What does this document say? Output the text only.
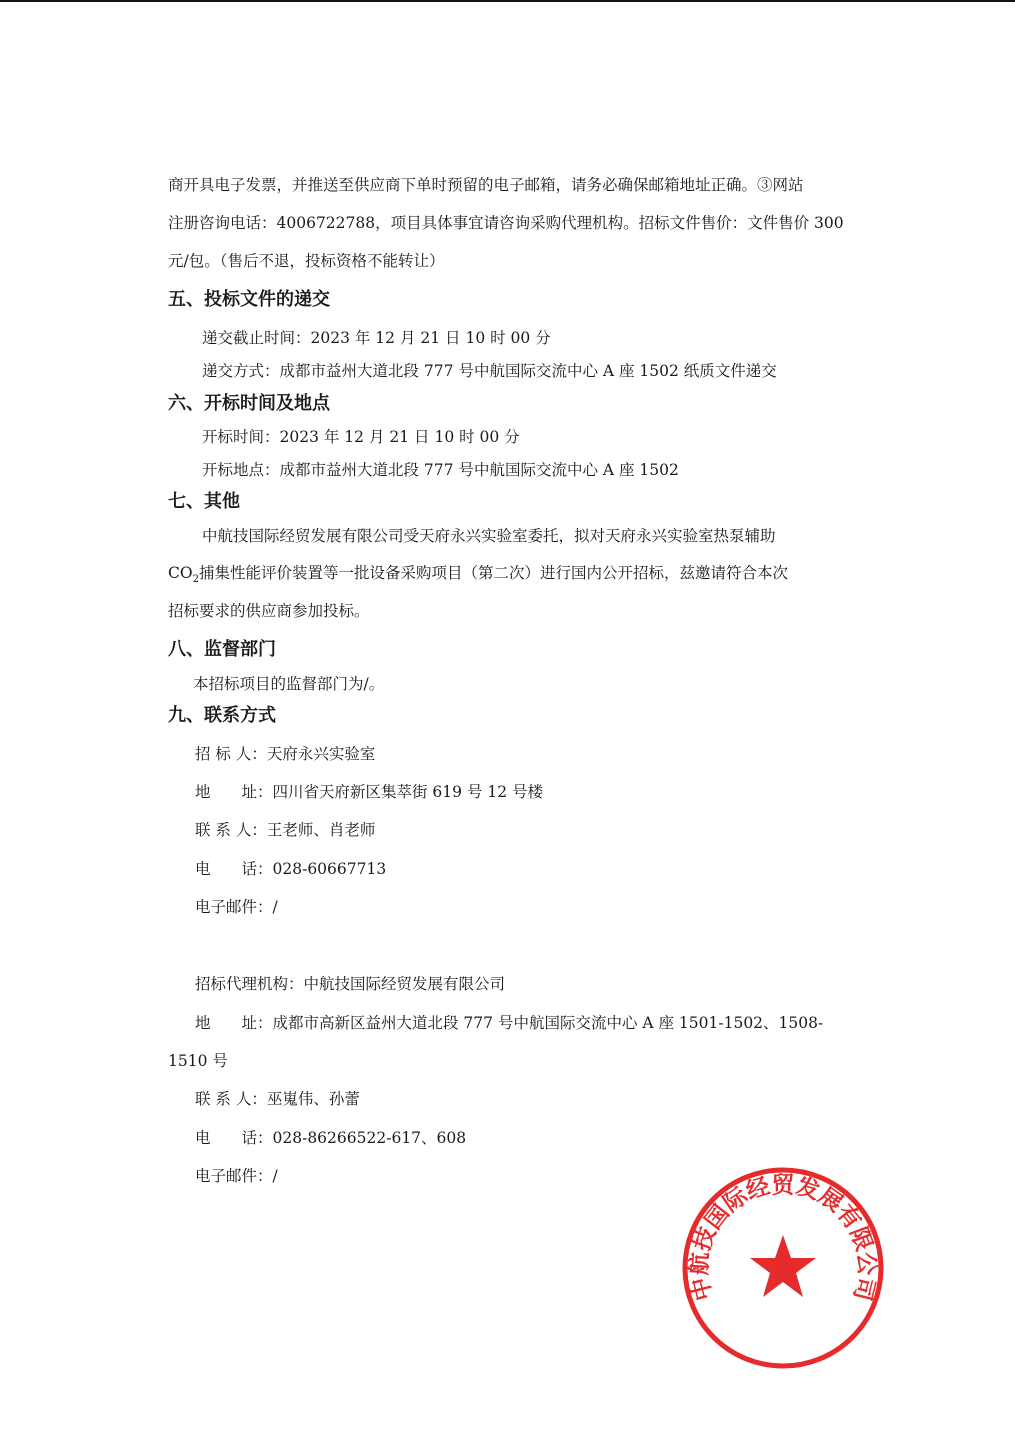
商开具电子发票，并推送至供应商下单时预留的电子邮箱，请务必确保邮箱地址正确。③网站
注册咨询电话：4006722788，项目具体事宜请咨询采购代理机构。招标文件售价：文件售价 300
元/包。（售后不退，投标资格不能转让）
五、投标文件的递交
递交截止时间：2023 年 12 月 21 日 10 时 00 分
递交方式：成都市益州大道北段 777 号中航国际交流中心 A 座 1502 纸质文件递交
六、开标时间及地点
开标时间：2023 年 12 月 21 日 10 时 00 分
开标地点：成都市益州大道北段 777 号中航国际交流中心 A 座 1502
七、其他
中航技国际经贸发展有限公司受天府永兴实验室委托，拟对天府永兴实验室热泵辅助
$CO_2$捕集性能评价装置等一批设备采购项目（第二次）进行国内公开招标，兹邀请符合本次
招标要求的供应商参加投标。
八、监督部门
本招标项目的监督部门为/。
九、联系方式
招 标 人：天府永兴实验室
地　　址：四川省天府新区集萃街 619 号 12 号楼
联 系 人：王老师、肖老师
电　　话：028-60667713
电子邮件：/
招标代理机构：中航技国际经贸发展有限公司
地　　址：成都市高新区益州大道北段 777 号中航国际交流中心 A 座 1501-1502、1508-
1510 号
联 系 人：巫嵬伟、孙蕾
电　　话：028-86266522-617、608
电子邮件：/
中航技国际经贸发展有限公司
